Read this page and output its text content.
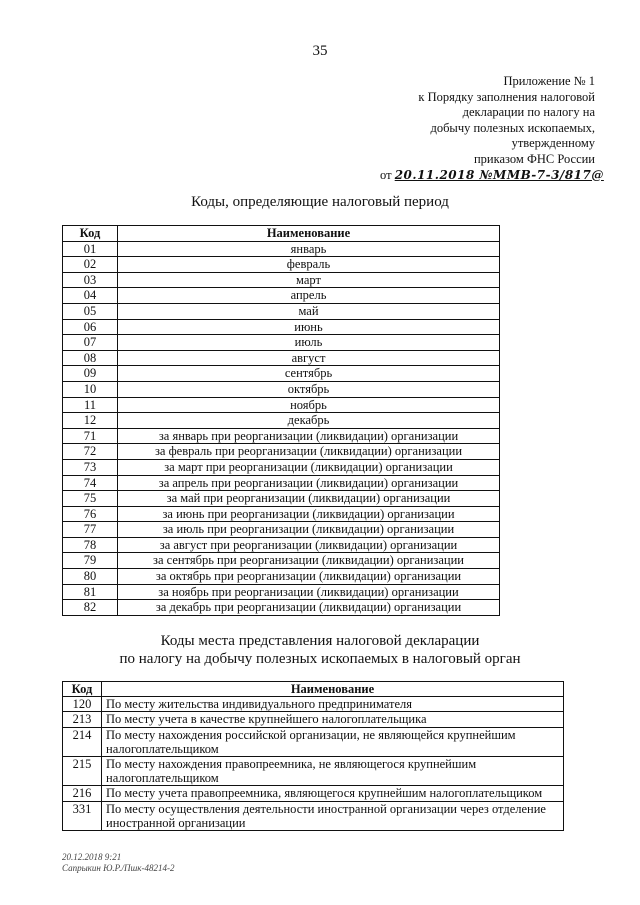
35
Приложение № 1
к Порядку заполнения налоговой
декларации по налогу на
добычу полезных ископаемых,
утвержденному
приказом ФНС России
от 20.11.2018 №ММВ-7-3/817@
Коды, определяющие налоговый период
Код	Наименование
01	январь
02	февраль
03	март
04	апрель
05	май
06	июнь
07	июль
08	август
09	сентябрь
10	октябрь
11	ноябрь
12	декабрь
71	за январь при реорганизации (ликвидации) организации
72	за февраль при реорганизации (ликвидации) организации
73	за март при реорганизации (ликвидации) организации
74	за апрель при реорганизации (ликвидации) организации
75	за май при реорганизации (ликвидации) организации
76	за июнь при реорганизации (ликвидации) организации
77	за июль при реорганизации (ликвидации) организации
78	за август при реорганизации (ликвидации) организации
79	за сентябрь при реорганизации (ликвидации) организации
80	за октябрь при реорганизации (ликвидации) организации
81	за ноябрь при реорганизации (ликвидации) организации
82	за декабрь при реорганизации (ликвидации) организации
Коды места представления налоговой декларации
по налогу на добычу полезных ископаемых в налоговый орган
Код	Наименование
120	По месту жительства индивидуального предпринимателя
213	По месту учета в качестве крупнейшего налогоплательщика
214	По месту нахождения российской организации, не являющейся крупнейшим налогоплательщиком
215	По месту нахождения правопреемника, не являющегося крупнейшим налогоплательщиком
216	По месту учета правопреемника, являющегося крупнейшим налогоплательщиком
331	По месту осуществления деятельности иностранной организации через отделение иностранной организации
20.12.2018 9:21
Сапрыкин Ю.Р./Пшк-48214-2
